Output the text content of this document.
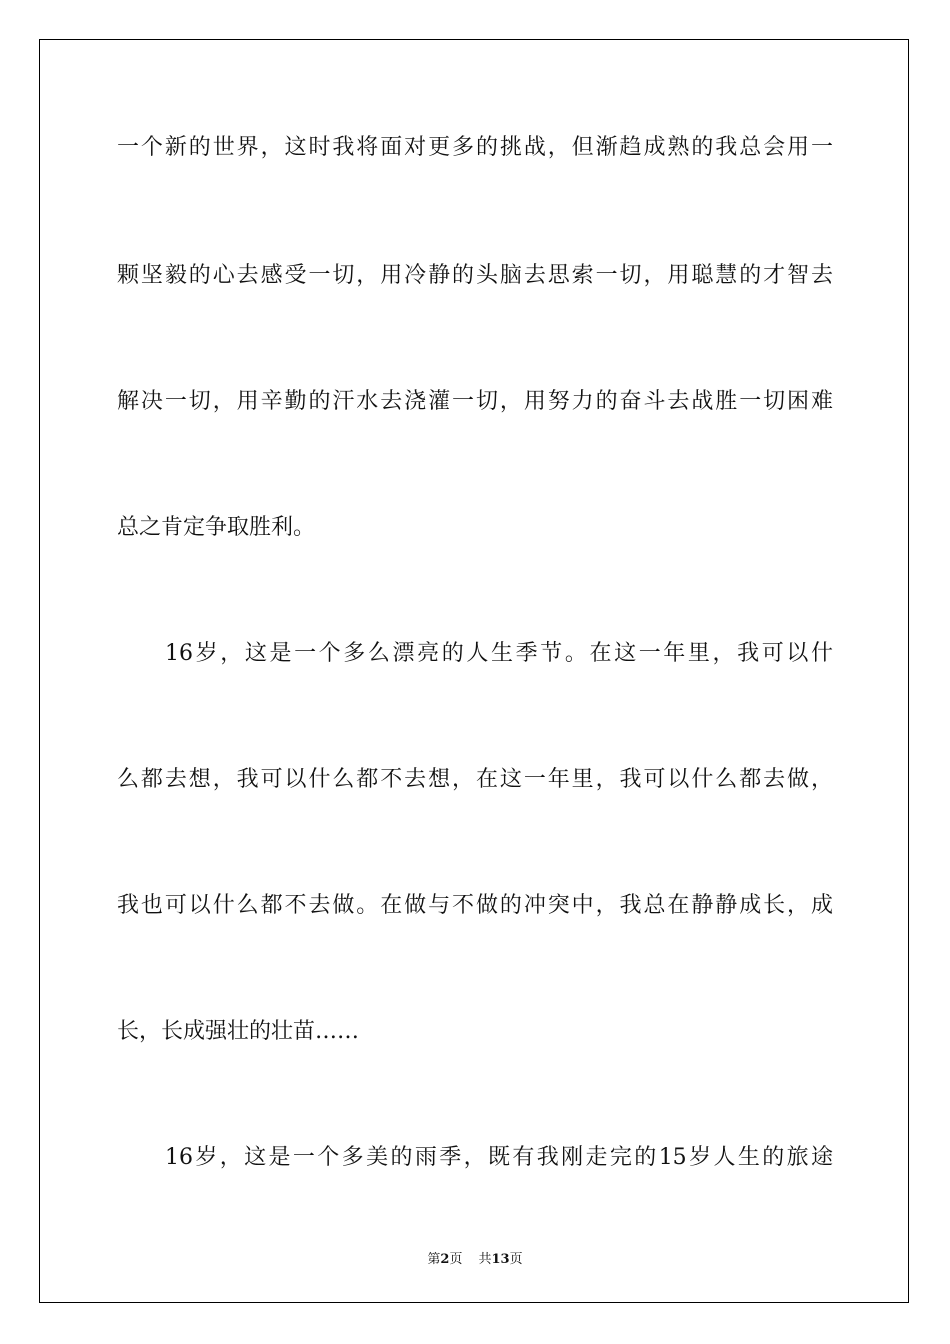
一个新的世界，这时我将面对更多的挑战，但渐趋成熟的我总会用一
颗坚毅的心去感受一切，用冷静的头脑去思索一切，用聪慧的才智去
解决一切，用辛勤的汗水去浇灌一切，用努力的奋斗去战胜一切困难
总之肯定争取胜利。
16岁，这是一个多么漂亮的人生季节。在这一年里，我可以什
么都去想，我可以什么都不去想，在这一年里，我可以什么都去做，
我也可以什么都不去做。在做与不做的冲突中，我总在静静成长，成
长，长成强壮的壮苗……
16岁，这是一个多美的雨季，既有我刚走完的15岁人生的旅途
第2页 共13页
